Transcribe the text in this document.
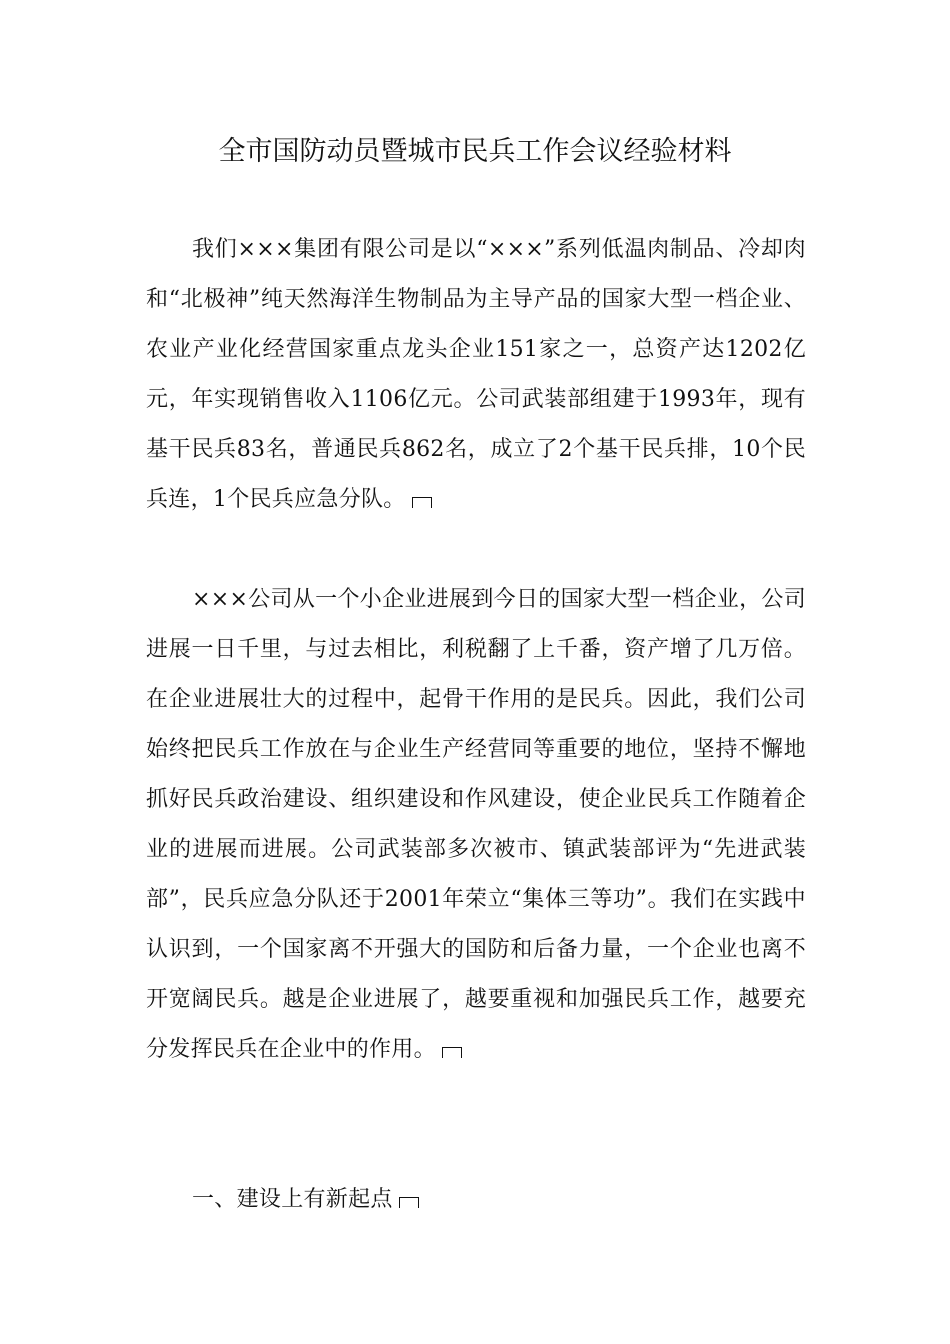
全市国防动员暨城市民兵工作会议经验材料

我们×××集团有限公司是以“×××”系列低温肉制品、冷却肉和“北极神”纯天然海洋生物制品为主导产品的国家大型一档企业、农业产业化经营国家重点龙头企业151家之一，总资产达1202亿元，年实现销售收入1106亿元。公司武装部组建于1993年，现有基干民兵83名，普通民兵862名，成立了2个基干民兵排，10个民兵连，1个民兵应急分队。

×××公司从一个小企业进展到今日的国家大型一档企业，公司进展一日千里，与过去相比，利税翻了上千番，资产增了几万倍。在企业进展壮大的过程中，起骨干作用的是民兵。因此，我们公司始终把民兵工作放在与企业生产经营同等重要的地位，坚持不懈地抓好民兵政治建设、组织建设和作风建设，使企业民兵工作随着企业的进展而进展。公司武装部多次被市、镇武装部评为“先进武装部”，民兵应急分队还于2001年荣立“集体三等功”。我们在实践中认识到，一个国家离不开强大的国防和后备力量，一个企业也离不开宽阔民兵。越是企业进展了，越要重视和加强民兵工作，越要充分发挥民兵在企业中的作用。

一、建设上有新起点
